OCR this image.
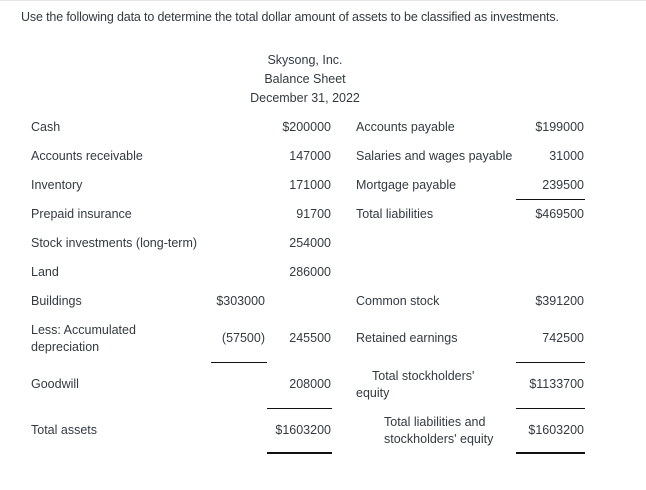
Use the following data to determine the total dollar amount of assets to be classified as investments.
Skysong, Inc.
Balance Sheet
December 31, 2022
Cash	$200000
Accounts receivable	147000
Inventory	171000
Prepaid insurance	91700
Stock investments (long-term)	254000
Land	286000
Buildings	$303000
Less: Accumulated
depreciation
(57500)	245500
Goodwill	208000
Total assets	$1603200
Accounts payable	$199000
Salaries and wages payable	31000
Mortgage payable	239500
Total liabilities	$469500
Common stock	$391200
Retained earnings	742500
Total stockholders'
equity
$1133700
Total liabilities and
stockholders' equity
$1603200
